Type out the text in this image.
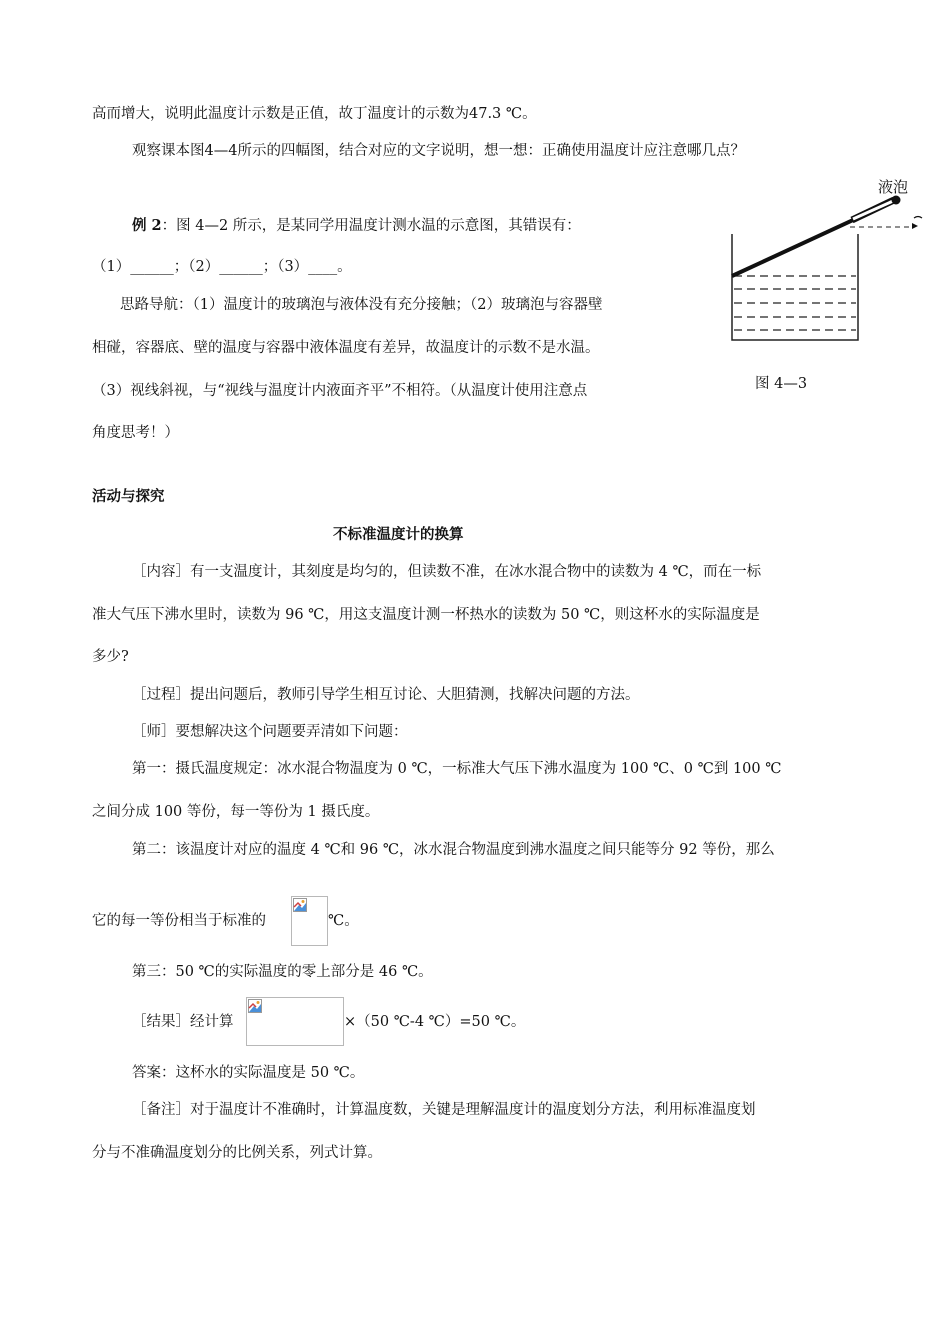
高而增大，说明此温度计示数是正值，故丁温度计的示数为47.3 ℃。
观察课本图4—4所示的四幅图，结合对应的文字说明，想一想：正确使用温度计应注意哪几点？
例 2：图 4—2 所示，是某同学用温度计测水温的示意图，其错误有：
（1）______；（2）______；（3）____。
思路导航：（1）温度计的玻璃泡与液体没有充分接触；（2）玻璃泡与容器壁
相碰，容器底、壁的温度与容器中液体温度有差异，故温度计的示数不是水温。
（3）视线斜视，与“视线与温度计内液面齐平”不相符。（从温度计使用注意点
角度思考！）
液泡
图 4—3
活动与探究
不标准温度计的换算
［内容］有一支温度计，其刻度是均匀的，但读数不准，在冰水混合物中的读数为 4 ℃，而在一标
准大气压下沸水里时，读数为 96 ℃，用这支温度计测一杯热水的读数为 50 ℃，则这杯水的实际温度是
多少?
［过程］提出问题后，教师引导学生相互讨论、大胆猜测，找解决问题的方法。
［师］要想解决这个问题要弄清如下问题：
第一：摄氏温度规定：冰水混合物温度为 0 ℃，一标准大气压下沸水温度为 100 ℃、0 ℃到 100 ℃
之间分成 100 等份，每一等份为 1 摄氏度。
第二：该温度计对应的温度 4 ℃和 96 ℃，冰水混合物温度到沸水温度之间只能等分 92 等份，那么
它的每一等份相当于标准的	℃。
第三：50 ℃的实际温度的零上部分是 46 ℃。
［结果］经计算	×（50 ℃-4 ℃）=50 ℃。
答案：这杯水的实际温度是 50 ℃。
［备注］对于温度计不准确时，计算温度数，关键是理解温度计的温度划分方法，利用标准温度划
分与不准确温度划分的比例关系，列式计算。
